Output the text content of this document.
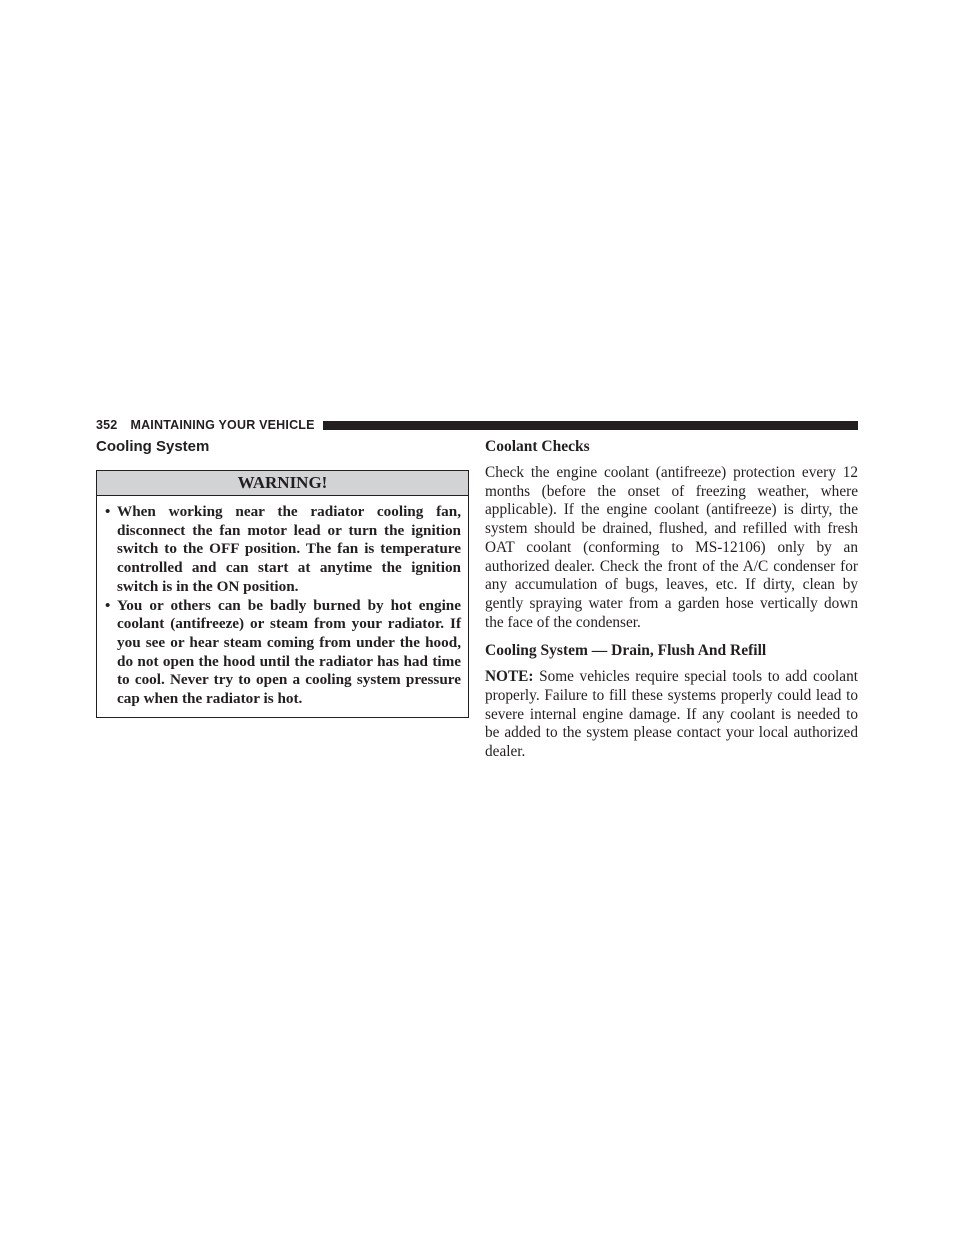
352 MAINTAINING YOUR VEHICLE
Cooling System
WARNING!
• When working near the radiator cooling fan, disconnect the fan motor lead or turn the ignition switch to the OFF position. The fan is temperature controlled and can start at anytime the ignition switch is in the ON position.
• You or others can be badly burned by hot engine coolant (antifreeze) or steam from your radiator. If you see or hear steam coming from under the hood, do not open the hood until the radiator has had time to cool. Never try to open a cooling system pressure cap when the radiator is hot.
Coolant Checks

Check the engine coolant (antifreeze) protection every 12 months (before the onset of freezing weather, where applicable). If the engine coolant (antifreeze) is dirty, the system should be drained, flushed, and refilled with fresh OAT coolant (conforming to MS-12106) only by an authorized dealer. Check the front of the A/C condenser for any accumulation of bugs, leaves, etc. If dirty, clean by gently spraying water from a garden hose vertically down the face of the condenser.

Cooling System — Drain, Flush And Refill

NOTE: Some vehicles require special tools to add coolant properly. Failure to fill these systems properly could lead to severe internal engine damage. If any coolant is needed to be added to the system please contact your local authorized dealer.
